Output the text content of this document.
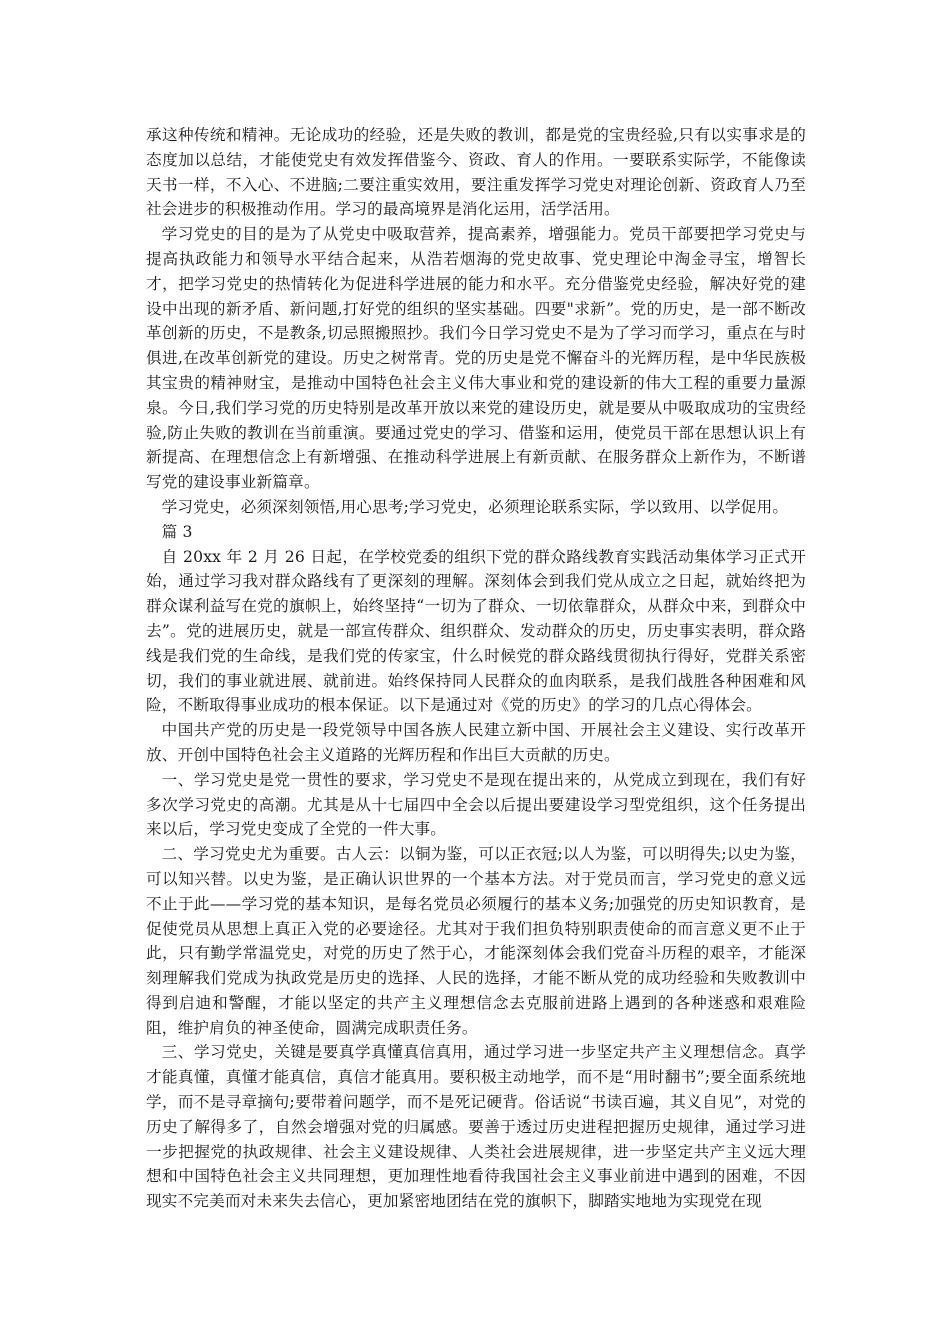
承这种传统和精神。无论成功的经验，还是失败的教训，都是党的宝贵经验,只有以实事求是的态度加以总结，才能使党史有效发挥借鉴今、资政、育人的作用。一要联系实际学，不能像读天书一样，不入心、不进脑;二要注重实效用，要注重发挥学习党史对理论创新、资政育人乃至社会进步的积极推动作用。学习的最高境界是消化运用，活学活用。

学习党史的目的是为了从党史中吸取营养，提高素养，增强能力。党员干部要把学习党史与提高执政能力和领导水平结合起来，从浩若烟海的党史故事、党史理论中淘金寻宝，增智长才，把学习党史的热情转化为促进科学进展的能力和水平。充分借鉴党史经验，解决好党的建设中出现的新矛盾、新问题,打好党的组织的坚实基础。四要"求新”。党的历史，是一部不断改革创新的历史，不是教条,切忌照搬照抄。我们今日学习党史不是为了学习而学习，重点在与时俱进,在改革创新党的建设。历史之树常青。党的历史是党不懈奋斗的光辉历程，是中华民族极其宝贵的精神财宝，是推动中国特色社会主义伟大事业和党的建设新的伟大工程的重要力量源泉。今日,我们学习党的历史特别是改革开放以来党的建设历史，就是要从中吸取成功的宝贵经验,防止失败的教训在当前重演。要通过党史的学习、借鉴和运用，使党员干部在思想认识上有新提高、在理想信念上有新增强、在推动科学进展上有新贡献、在服务群众上新作为，不断谱写党的建设事业新篇章。

学习党史，必须深刻领悟,用心思考;学习党史，必须理论联系实际，学以致用、以学促用。

篇 3

自 20xx 年 2 月 26 日起，在学校党委的组织下党的群众路线教育实践活动集体学习正式开始，通过学习我对群众路线有了更深刻的理解。深刻体会到我们党从成立之日起，就始终把为群众谋利益写在党的旗帜上，始终坚持“一切为了群众、一切依靠群众，从群众中来，到群众中去”。党的进展历史，就是一部宣传群众、组织群众、发动群众的历史，历史事实表明，群众路线是我们党的生命线，是我们党的传家宝，什么时候党的群众路线贯彻执行得好，党群关系密切，我们的事业就进展、就前进。始终保持同人民群众的血肉联系，是我们战胜各种困难和风险，不断取得事业成功的根本保证。以下是通过对《党的历史》的学习的几点心得体会。

中国共产党的历史是一段党领导中国各族人民建立新中国、开展社会主义建设、实行改革开放、开创中国特色社会主义道路的光辉历程和作出巨大贡献的历史。

一、学习党史是党一贯性的要求，学习党史不是现在提出来的，从党成立到现在，我们有好多次学习党史的高潮。尤其是从十七届四中全会以后提出要建设学习型党组织，这个任务提出来以后，学习党史变成了全党的一件大事。

二、学习党史尤为重要。古人云：以铜为鉴，可以正衣冠;以人为鉴，可以明得失;以史为鉴，可以知兴替。以史为鉴，是正确认识世界的一个基本方法。对于党员而言，学习党史的意义远不止于此——学习党的基本知识，是每名党员必须履行的基本义务;加强党的历史知识教育，是促使党员从思想上真正入党的必要途径。尤其对于我们担负特别职责使命的而言意义更不止于此，只有勤学常温党史，对党的历史了然于心，才能深刻体会我们党奋斗历程的艰辛，才能深刻理解我们党成为执政党是历史的选择、人民的选择，才能不断从党的成功经验和失败教训中得到启迪和警醒，才能以坚定的共产主义理想信念去克服前进路上遇到的各种迷惑和艰难险阻，维护肩负的神圣使命，圆满完成职责任务。

三、学习党史，关键是要真学真懂真信真用，通过学习进一步坚定共产主义理想信念。真学才能真懂，真懂才能真信，真信才能真用。要积极主动地学，而不是“用时翻书”;要全面系统地学，而不是寻章摘句;要带着问题学，而不是死记硬背。俗话说“书读百遍，其义自见”，对党的历史了解得多了，自然会增强对党的归属感。要善于透过历史进程把握历史规律，通过学习进一步把握党的执政规律、社会主义建设规律、人类社会进展规律，进一步坚定共产主义远大理想和中国特色社会主义共同理想，更加理性地看待我国社会主义事业前进中遇到的困难，不因现实不完美而对未来失去信心，更加紧密地团结在党的旗帜下，脚踏实地地为实现党在现
